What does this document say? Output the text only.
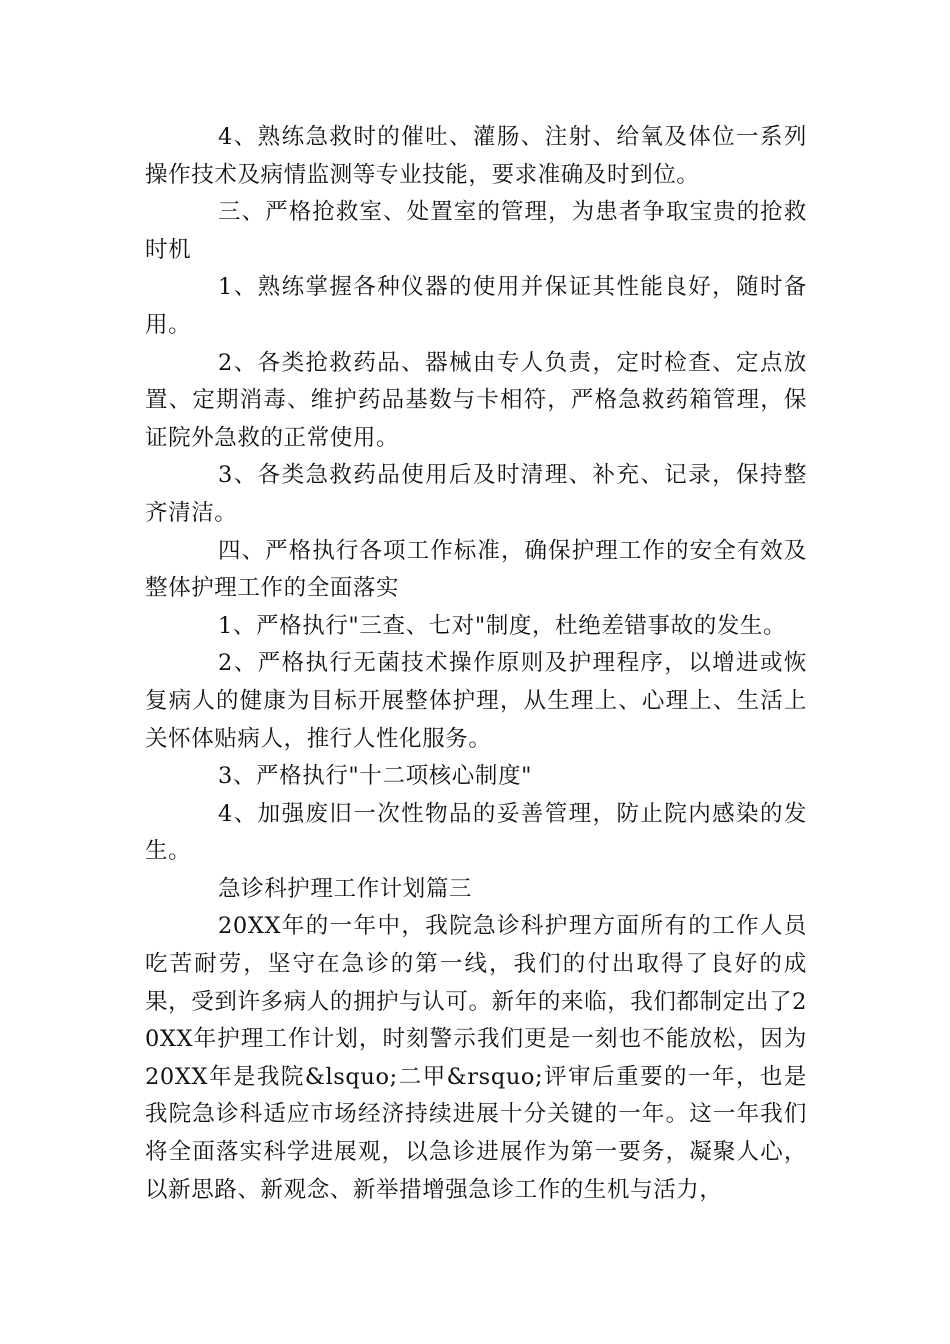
4、熟练急救时的催吐、灌肠、注射、给氧及体位一系列操作技术及病情监测等专业技能，要求准确及时到位。

三、严格抢救室、处置室的管理，为患者争取宝贵的抢救时机

1、熟练掌握各种仪器的使用并保证其性能良好，随时备用。

2、各类抢救药品、器械由专人负责，定时检查、定点放置、定期消毒、维护药品基数与卡相符，严格急救药箱管理，保证院外急救的正常使用。

3、各类急救药品使用后及时清理、补充、记录，保持整齐清洁。

四、严格执行各项工作标准，确保护理工作的安全有效及整体护理工作的全面落实

1、严格执行"三查、七对"制度，杜绝差错事故的发生。

2、严格执行无菌技术操作原则及护理程序，以增进或恢复病人的健康为目标开展整体护理，从生理上、心理上、生活上关怀体贴病人，推行人性化服务。

3、严格执行"十二项核心制度"

4、加强废旧一次性物品的妥善管理，防止院内感染的发生。

急诊科护理工作计划篇三

20XX年的一年中，我院急诊科护理方面所有的工作人员吃苦耐劳，坚守在急诊的第一线，我们的付出取得了良好的成果，受到许多病人的拥护与认可。新年的来临，我们都制定出了20XX年护理工作计划，时刻警示我们更是一刻也不能放松，因为20XX年是我院&lsquo;二甲&rsquo;评审后重要的一年，也是我院急诊科适应市场经济持续进展十分关键的一年。这一年我们将全面落实科学进展观，以急诊进展作为第一要务，凝聚人心，以新思路、新观念、新举措增强急诊工作的生机与活力，
